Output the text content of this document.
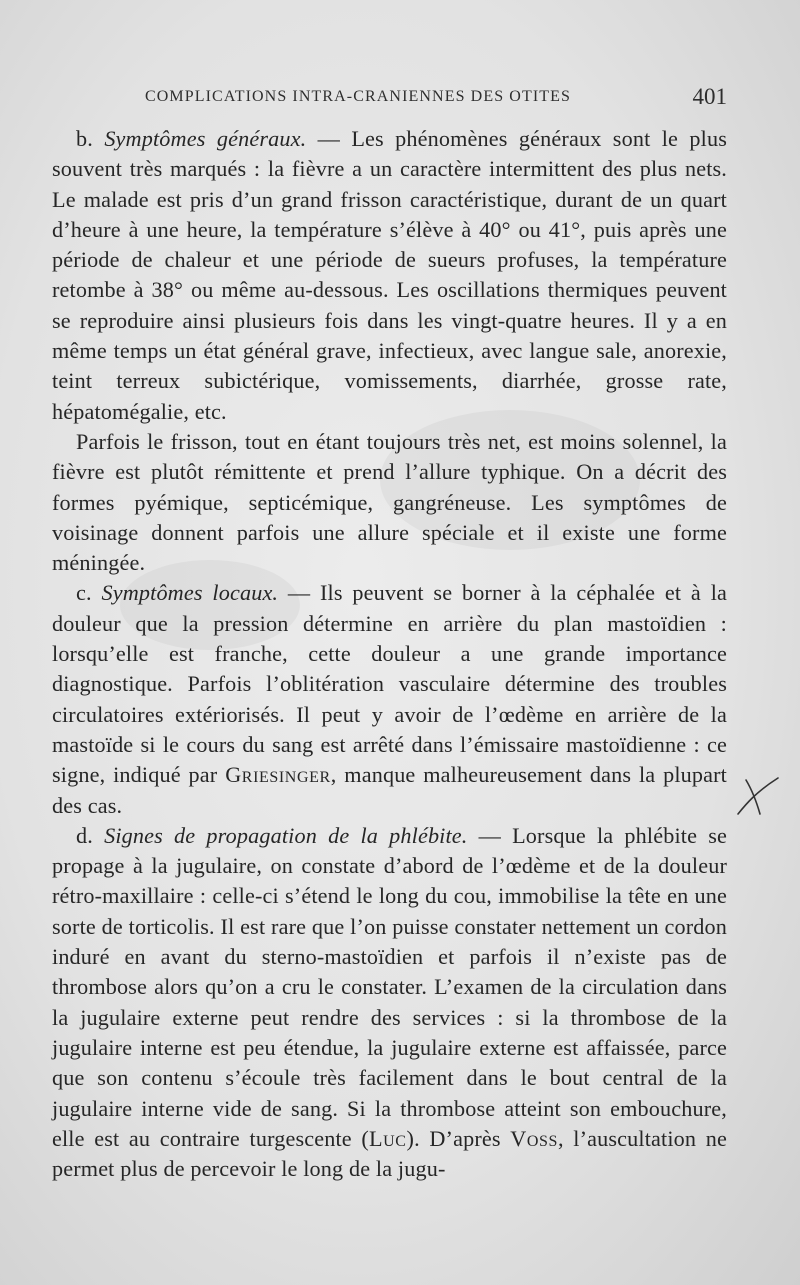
COMPLICATIONS INTRA-CRANIENNES DES OTITES	401

b. Symptômes généraux. — Les phénomènes généraux sont le plus souvent très marqués : la fièvre a un caractère intermittent des plus nets. Le malade est pris d’un grand frisson caractéristique, durant de un quart d’heure à une heure, la température s’élève à 40° ou 41°, puis après une période de chaleur et une période de sueurs profuses, la température retombe à 38° ou même au-dessous. Les oscillations thermiques peuvent se reproduire ainsi plusieurs fois dans les vingt-quatre heures. Il y a en même temps un état général grave, infectieux, avec langue sale, anorexie, teint terreux subictérique, vomissements, diarrhée, grosse rate, hépatomégalie, etc.

Parfois le frisson, tout en étant toujours très net, est moins solennel, la fièvre est plutôt rémittente et prend l’allure typhique. On a décrit des formes pyémique, septicémique, gangréneuse. Les symptômes de voisinage donnent parfois une allure spéciale et il existe une forme méningée.

c. Symptômes locaux. — Ils peuvent se borner à la céphalée et à la douleur que la pression détermine en arrière du plan mastoïdien : lorsqu’elle est franche, cette douleur a une grande importance diagnostique. Parfois l’oblitération vasculaire détermine des troubles circulatoires extériorisés. Il peut y avoir de l’œdème en arrière de la mastoïde si le cours du sang est arrêté dans l’émissaire mastoïdienne : ce signe, indiqué par Griesinger, manque malheureusement dans la plupart des cas.

d. Signes de propagation de la phlébite. — Lorsque la phlébite se propage à la jugulaire, on constate d’abord de l’œdème et de la douleur rétro-maxillaire : celle-ci s’étend le long du cou, immobilise la tête en une sorte de torticolis. Il est rare que l’on puisse constater nettement un cordon induré en avant du sterno-mastoïdien et parfois il n’existe pas de thrombose alors qu’on a cru le constater. L’examen de la circulation dans la jugulaire externe peut rendre des services : si la thrombose de la jugulaire interne est peu étendue, la jugulaire externe est affaissée, parce que son contenu s’écoule très facilement dans le bout central de la jugulaire interne vide de sang. Si la thrombose atteint son embouchure, elle est au contraire turgescente (Luc). D’après Voss, l’auscultation ne permet plus de percevoir le long de la jugu-
